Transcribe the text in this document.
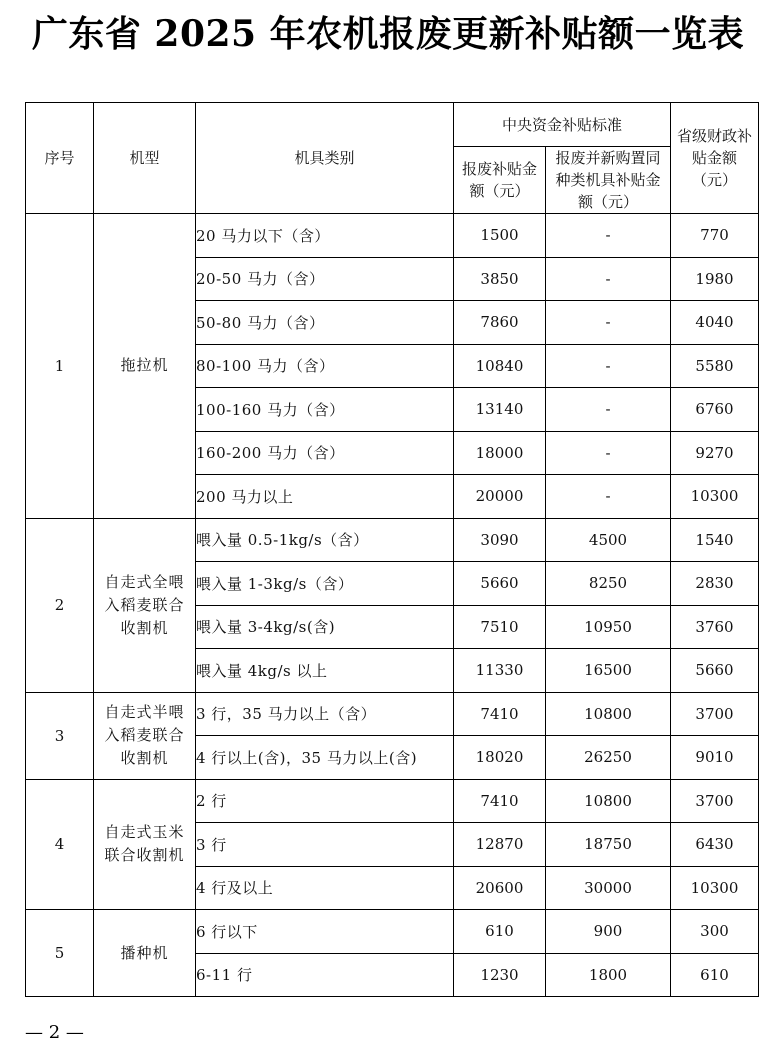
广东省 2025 年农机报废更新补贴额一览表
序号	机型	机具类别	中央资金补贴标准		省级财政补贴金额（元）
			报废补贴金额（元）	报废并新购置同种类机具补贴金额（元）	
1	拖拉机	20 马力以下（含）	1500	-	770
		20-50 马力（含）	3850	-	1980
		50-80 马力（含）	7860	-	4040
		80-100 马力（含）	10840	-	5580
		100-160 马力（含）	13140	-	6760
		160-200 马力（含）	18000	-	9270
		200 马力以上	20000	-	10300
2	自走式全喂入稻麦联合收割机	喂入量 0.5-1kg/s（含）	3090	4500	1540
		喂入量 1-3kg/s（含）	5660	8250	2830
		喂入量 3-4kg/s(含)	7510	10950	3760
		喂入量 4kg/s 以上	11330	16500	5660
3	自走式半喂入稻麦联合收割机	3 行，35 马力以上（含）	7410	10800	3700
		4 行以上(含)，35 马力以上(含)	18020	26250	9010
4	自走式玉米联合收割机	2 行	7410	10800	3700
		3 行	12870	18750	6430
		4 行及以上	20600	30000	10300
5	播种机	6 行以下	610	900	300
		6-11 行	1230	1800	610
— 2 —
